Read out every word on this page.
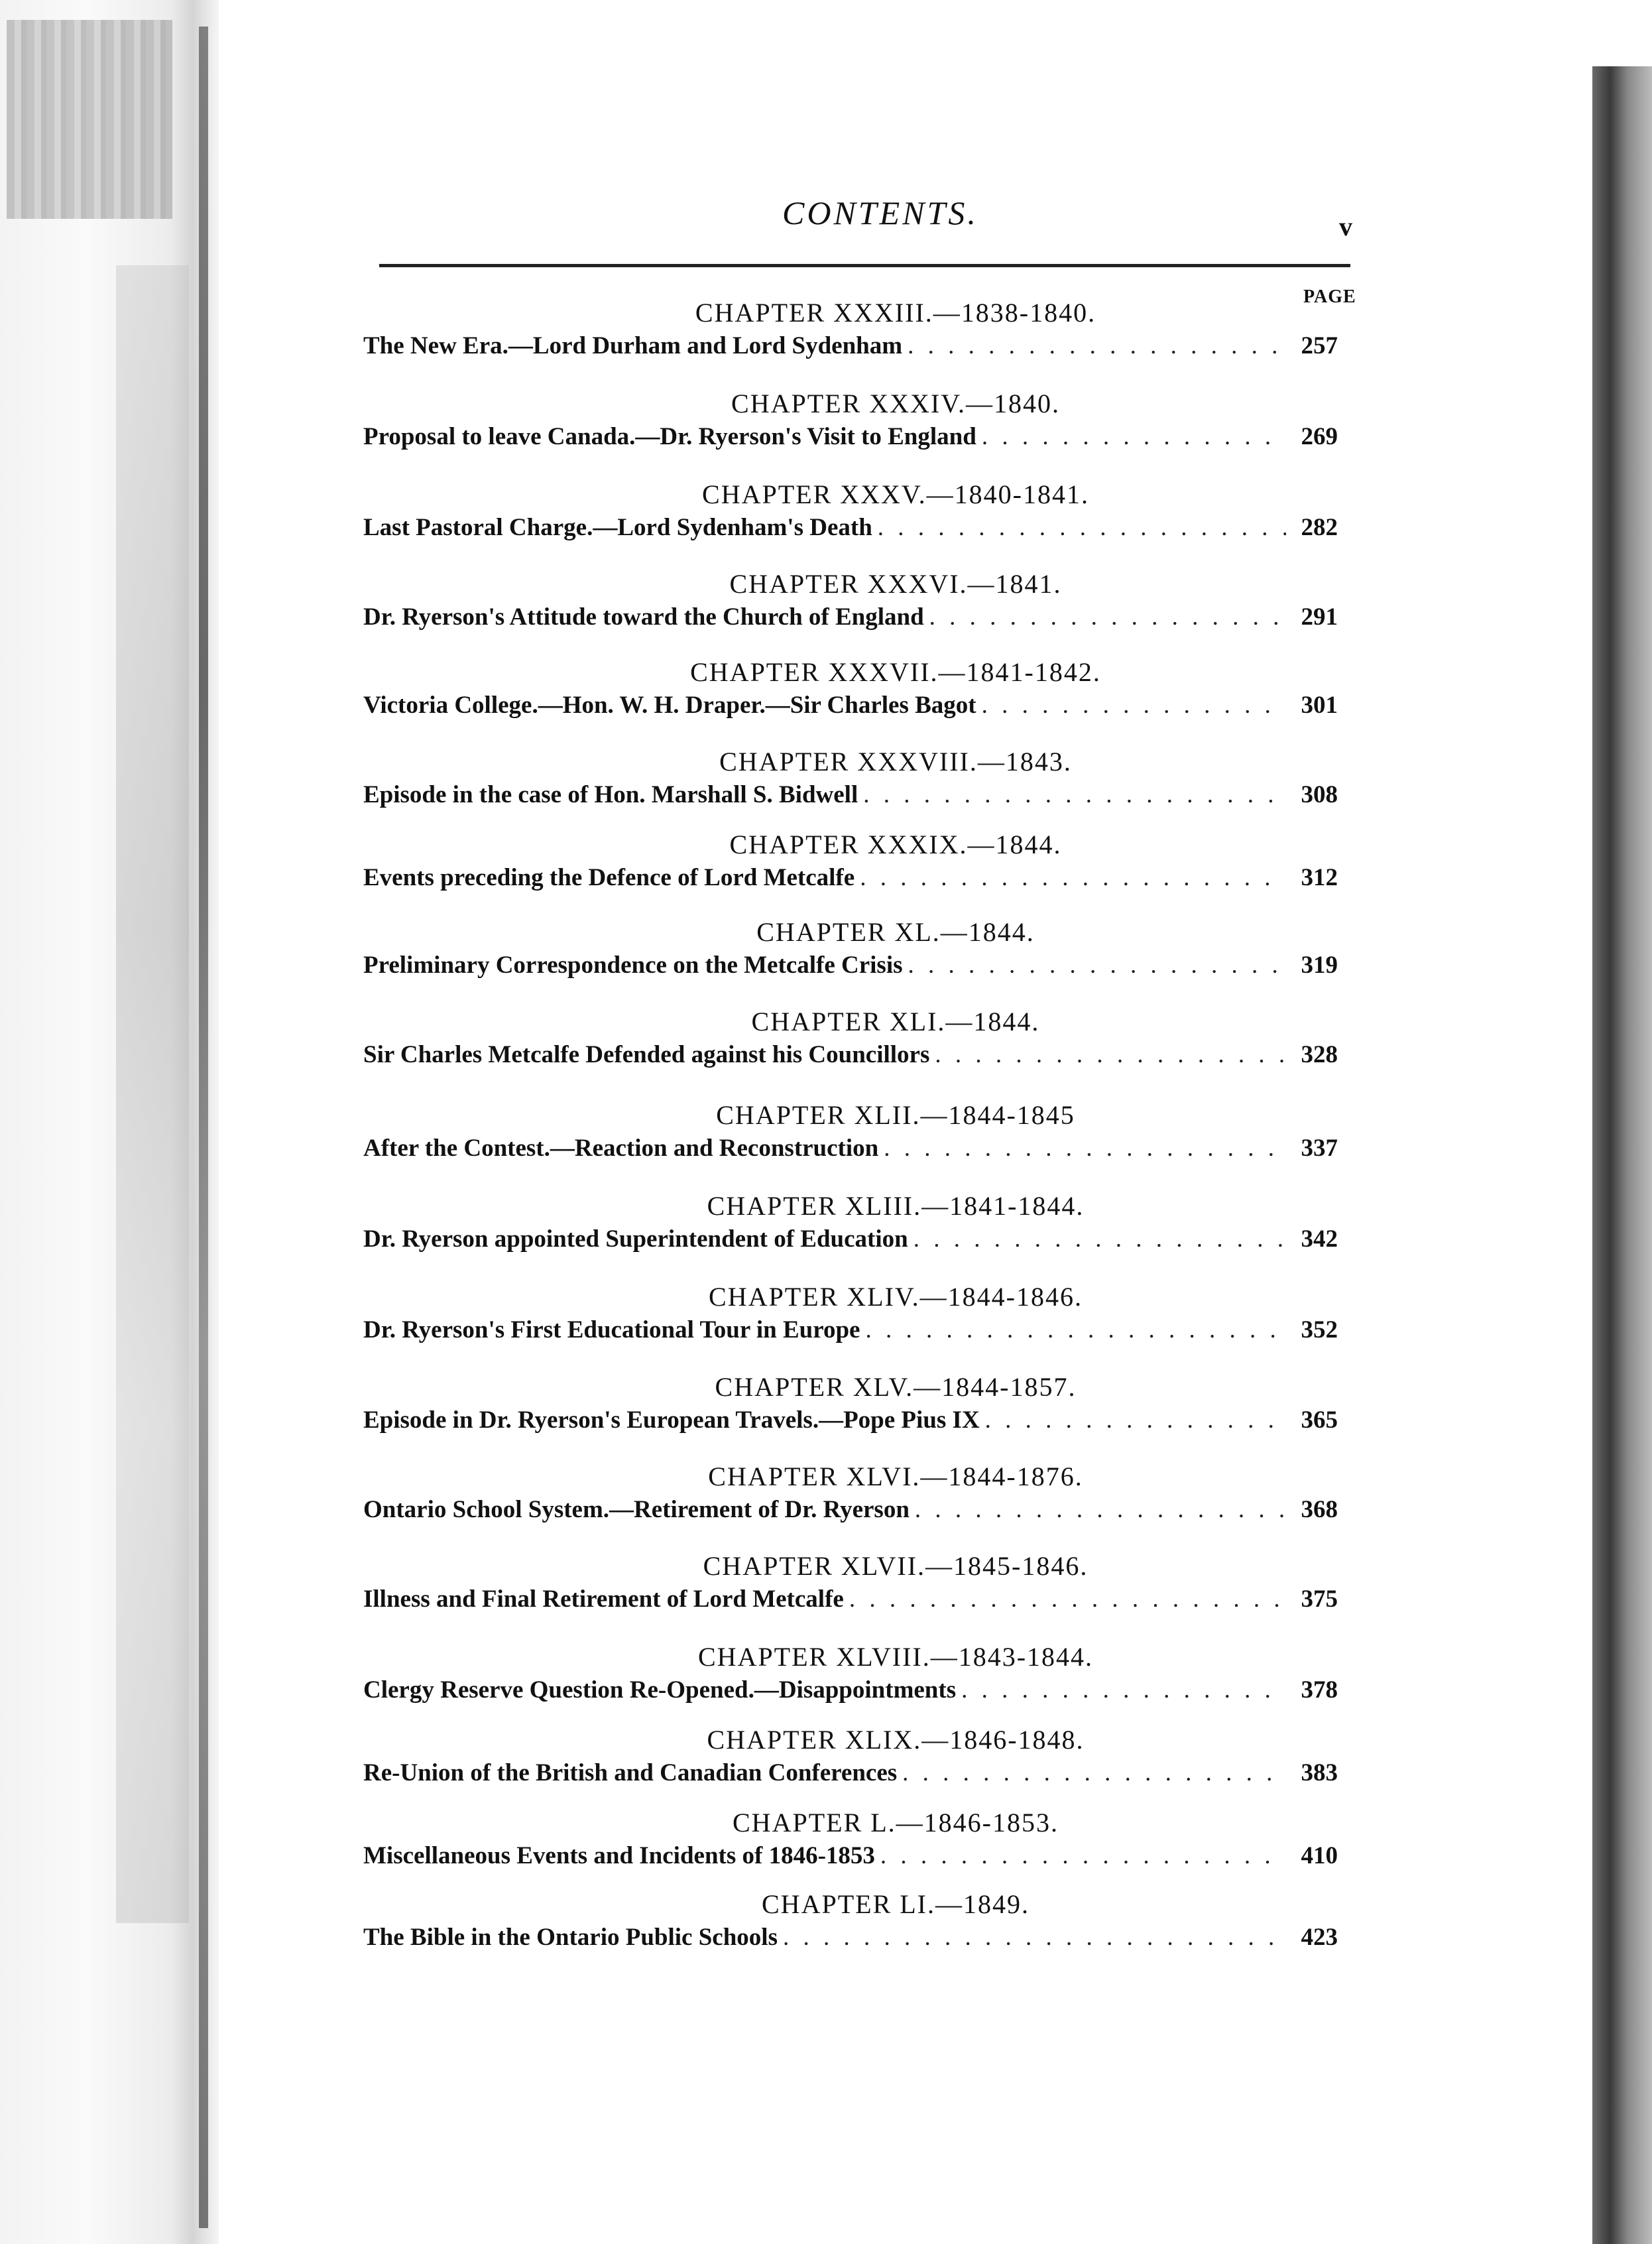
CONTENTS.	v
PAGE
CHAPTER XXXIII.—1838-1840.
The New Era.—Lord Durham and Lord Sydenham . . .	257
CHAPTER XXXIV.—1840.
Proposal to leave Canada.—Dr. Ryerson's Visit to England . . .	269
CHAPTER XXXV.—1840-1841.
Last Pastoral Charge.—Lord Sydenham's Death . . .	282
CHAPTER XXXVI.—1841.
Dr. Ryerson's Attitude toward the Church of England . . .	291
CHAPTER XXXVII.—1841-1842.
Victoria College.—Hon. W. H. Draper.—Sir Charles Bagot . . .	301
CHAPTER XXXVIII.—1843.
Episode in the case of Hon. Marshall S. Bidwell . . .	308
CHAPTER XXXIX.—1844.
Events preceding the Defence of Lord Metcalfe . . .	312
CHAPTER XL.—1844.
Preliminary Correspondence on the Metcalfe Crisis . . .	319
CHAPTER XLI.—1844.
Sir Charles Metcalfe Defended against his Councillors . . .	328
CHAPTER XLII.—1844-1845
After the Contest.—Reaction and Reconstruction . . .	337
CHAPTER XLIII.—1841-1844.
Dr. Ryerson appointed Superintendent of Education . . .	342
CHAPTER XLIV.—1844-1846.
Dr. Ryerson's First Educational Tour in Europe . . .	352
CHAPTER XLV.—1844-1857.
Episode in Dr. Ryerson's European Travels.—Pope Pius IX . . .	365
CHAPTER XLVI.—1844-1876.
Ontario School System.—Retirement of Dr. Ryerson . . .	368
CHAPTER XLVII.—1845-1846.
Illness and Final Retirement of Lord Metcalfe . . .	375
CHAPTER XLVIII.—1843-1844.
Clergy Reserve Question Re-Opened.—Disappointments . . .	378
CHAPTER XLIX.—1846-1848.
Re-Union of the British and Canadian Conferences . . .	383
CHAPTER L.—1846-1853.
Miscellaneous Events and Incidents of 1846-1853 . . .	410
CHAPTER LI.—1849.
The Bible in the Ontario Public Schools . . .	423
